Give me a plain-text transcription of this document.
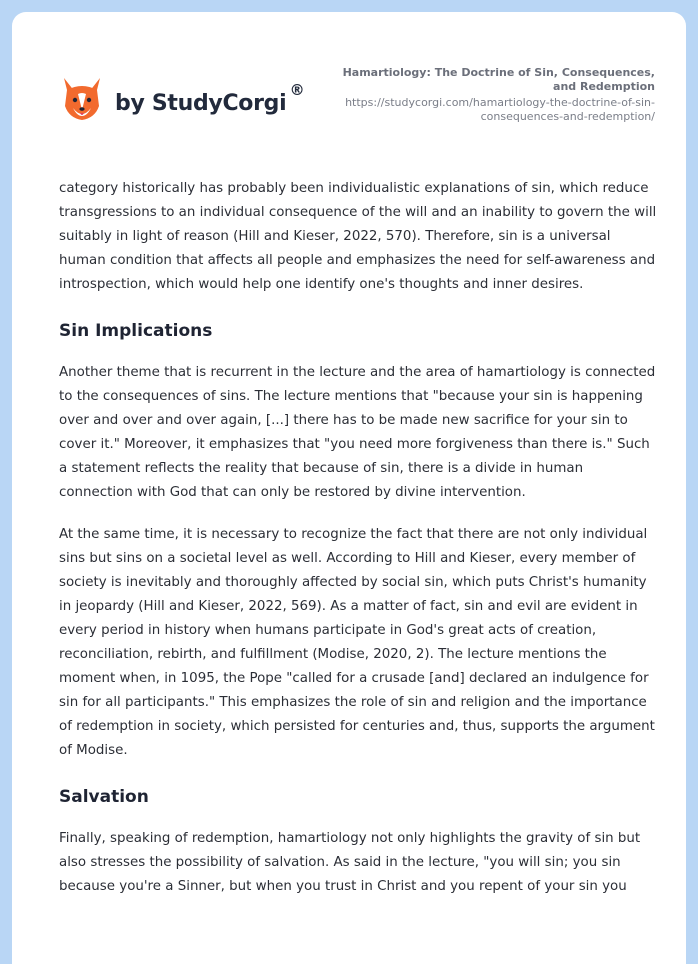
by StudyCorgi
®
Hamartiology: The Doctrine of Sin, Consequences, and Redemption
https://studycorgi.com/hamartiology-the-doctrine-of-sin-consequences-and-redemption/

category historically has probably been individualistic explanations of sin, which reduce transgressions to an individual consequence of the will and an inability to govern the will suitably in light of reason (Hill and Kieser, 2022, 570). Therefore, sin is a universal human condition that affects all people and emphasizes the need for self-awareness and introspection, which would help one identify one's thoughts and inner desires.

Sin Implications

Another theme that is recurrent in the lecture and the area of hamartiology is connected to the consequences of sins. The lecture mentions that "because your sin is happening over and over and over again, [...] there has to be made new sacrifice for your sin to cover it." Moreover, it emphasizes that "you need more forgiveness than there is." Such a statement reflects the reality that because of sin, there is a divide in human connection with God that can only be restored by divine intervention.

At the same time, it is necessary to recognize the fact that there are not only individual sins but sins on a societal level as well. According to Hill and Kieser, every member of society is inevitably and thoroughly affected by social sin, which puts Christ's humanity in jeopardy (Hill and Kieser, 2022, 569). As a matter of fact, sin and evil are evident in every period in history when humans participate in God's great acts of creation, reconciliation, rebirth, and fulfillment (Modise, 2020, 2). The lecture mentions the moment when, in 1095, the Pope "called for a crusade [and] declared an indulgence for sin for all participants." This emphasizes the role of sin and religion and the importance of redemption in society, which persisted for centuries and, thus, supports the argument of Modise.

Salvation

Finally, speaking of redemption, hamartiology not only highlights the gravity of sin but also stresses the possibility of salvation. As said in the lecture, "you will sin; you sin because you're a Sinner, but when you trust in Christ and you repent of your sin you
